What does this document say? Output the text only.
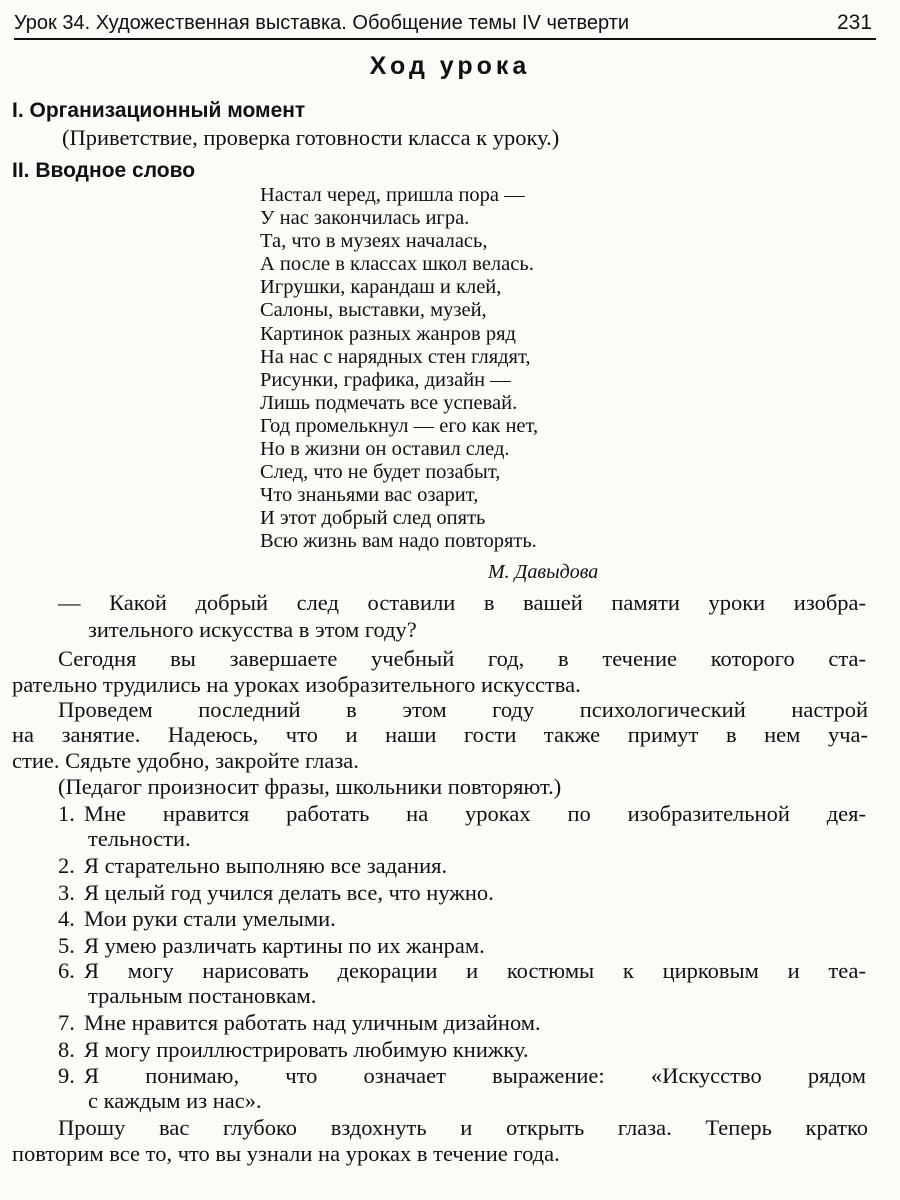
Урок 34. Художественная выставка. Обобщение темы IV четверти	231
Ход урока
I. Организационный момент
(Приветствие, проверка готовности класса к уроку.)
II. Вводное слово
Настал черед, пришла пора —
У нас закончилась игра.
Та, что в музеях началась,
А после в классах школ велась.
Игрушки, карандаш и клей,
Салоны, выставки, музей,
Картинок разных жанров ряд
На нас с нарядных стен глядят,
Рисунки, графика, дизайн —
Лишь подмечать все успевай.
Год промелькнул — его как нет,
Но в жизни он оставил след.
След, что не будет позабыт,
Что знаньями вас озарит,
И этот добрый след опять
Всю жизнь вам надо повторять.
М. Давыдова
— Какой добрый след оставили в вашей памяти уроки изобра-
зительного искусства в этом году?
Сегодня вы завершаете учебный год, в течение которого ста-
рательно трудились на уроках изобразительного искусства.
Проведем последний в этом году психологический настрой
на занятие. Надеюсь, что и наши гости также примут в нем уча-
стие. Сядьте удобно, закройте глаза.
(Педагог произносит фразы, школьники повторяют.)
1. Мне нравится работать на уроках по изобразительной дея-
тельности.
2. Я старательно выполняю все задания.
3. Я целый год учился делать все, что нужно.
4. Мои руки стали умелыми.
5. Я умею различать картины по их жанрам.
6. Я могу нарисовать декорации и костюмы к цирковым и теа-
тральным постановкам.
7. Мне нравится работать над уличным дизайном.
8. Я могу проиллюстрировать любимую книжку.
9. Я понимаю, что означает выражение: «Искусство рядом
с каждым из нас».
Прошу вас глубоко вздохнуть и открыть глаза. Теперь кратко
повторим все то, что вы узнали на уроках в течение года.
